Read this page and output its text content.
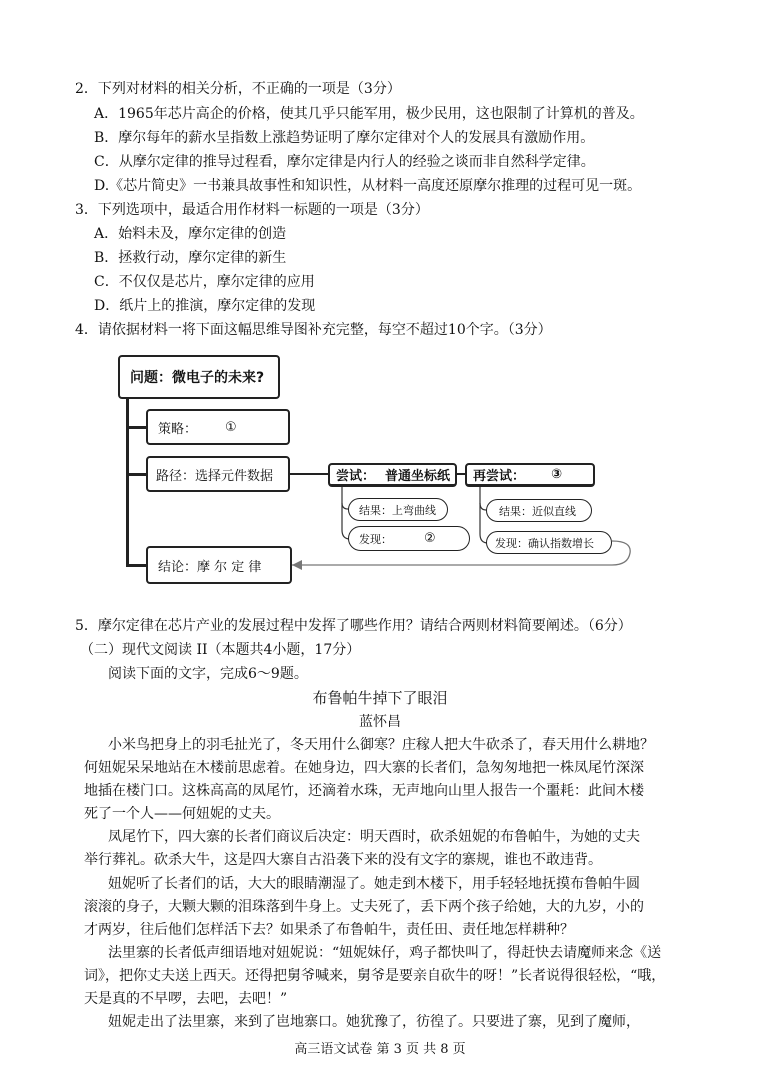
2．下列对材料的相关分析，不正确的一项是（3分）
A．1965年芯片高企的价格，使其几乎只能军用，极少民用，这也限制了计算机的普及。
B．摩尔每年的薪水呈指数上涨趋势证明了摩尔定律对个人的发展具有激励作用。
C．从摩尔定律的推导过程看，摩尔定律是内行人的经验之谈而非自然科学定律。
D.《芯片简史》一书兼具故事性和知识性，从材料一高度还原摩尔推理的过程可见一斑。
3．下列选项中，最适合用作材料一标题的一项是（3分）
A．始料未及，摩尔定律的创造
B．拯救行动，摩尔定律的新生
C．不仅仅是芯片，摩尔定律的应用
D．纸片上的推演，摩尔定律的发现
4．请依据材料一将下面这幅思维导图补充完整，每空不超过10个字。（3分）
问题：微电子的未来?
策略： ①
路径：选择元件数据	尝试： 普通坐标纸 再尝试： ③
结果：上弯曲线
发现： ②
结果：近似直线
发现：确认指数增长
结论：摩 尔 定 律
5．摩尔定律在芯片产业的发展过程中发挥了哪些作用？请结合两则材料简要阐述。（6分）
（二）现代文阅读 II（本题共4小题，17分）
阅读下面的文字，完成6～9题。
布鲁帕牛掉下了眼泪
蓝怀昌
小米鸟把身上的羽毛扯光了，冬天用什么御寒？庄稼人把大牛砍杀了，春天用什么耕地？
何妞妮呆呆地站在木楼前思虑着。在她身边，四大寨的长者们，急匆匆地把一株凤尾竹深深
地插在楼门口。这株高高的凤尾竹，还滴着水珠，无声地向山里人报告一个噩耗：此间木楼
死了一个人——何妞妮的丈夫。
凤尾竹下，四大寨的长者们商议后决定：明天酉时，砍杀妞妮的布鲁帕牛，为她的丈夫
举行葬礼。砍杀大牛，这是四大寨自古沿袭下来的没有文字的寨规，谁也不敢违背。
妞妮听了长者们的话，大大的眼睛潮湿了。她走到木楼下，用手轻轻地抚摸布鲁帕牛圆
滚滚的身子，大颗大颗的泪珠落到牛身上。丈夫死了，丢下两个孩子给她，大的九岁，小的
才两岁，往后他们怎样活下去？如果杀了布鲁帕牛，责任田、责任地怎样耕种？
法里寨的长者低声细语地对妞妮说：“妞妮妹仔，鸡子都快叫了，得赶快去请魔师来念《送
词》，把你丈夫送上西天。还得把舅爷喊来，舅爷是要亲自砍牛的呀！”长者说得很轻松，“哦，
天是真的不早啰，去吧，去吧！”
妞妮走出了法里寨，来到了岜地寨口。她犹豫了，彷徨了。只要进了寨，见到了魔师，
高三语文试卷 第 3 页 共 8 页
